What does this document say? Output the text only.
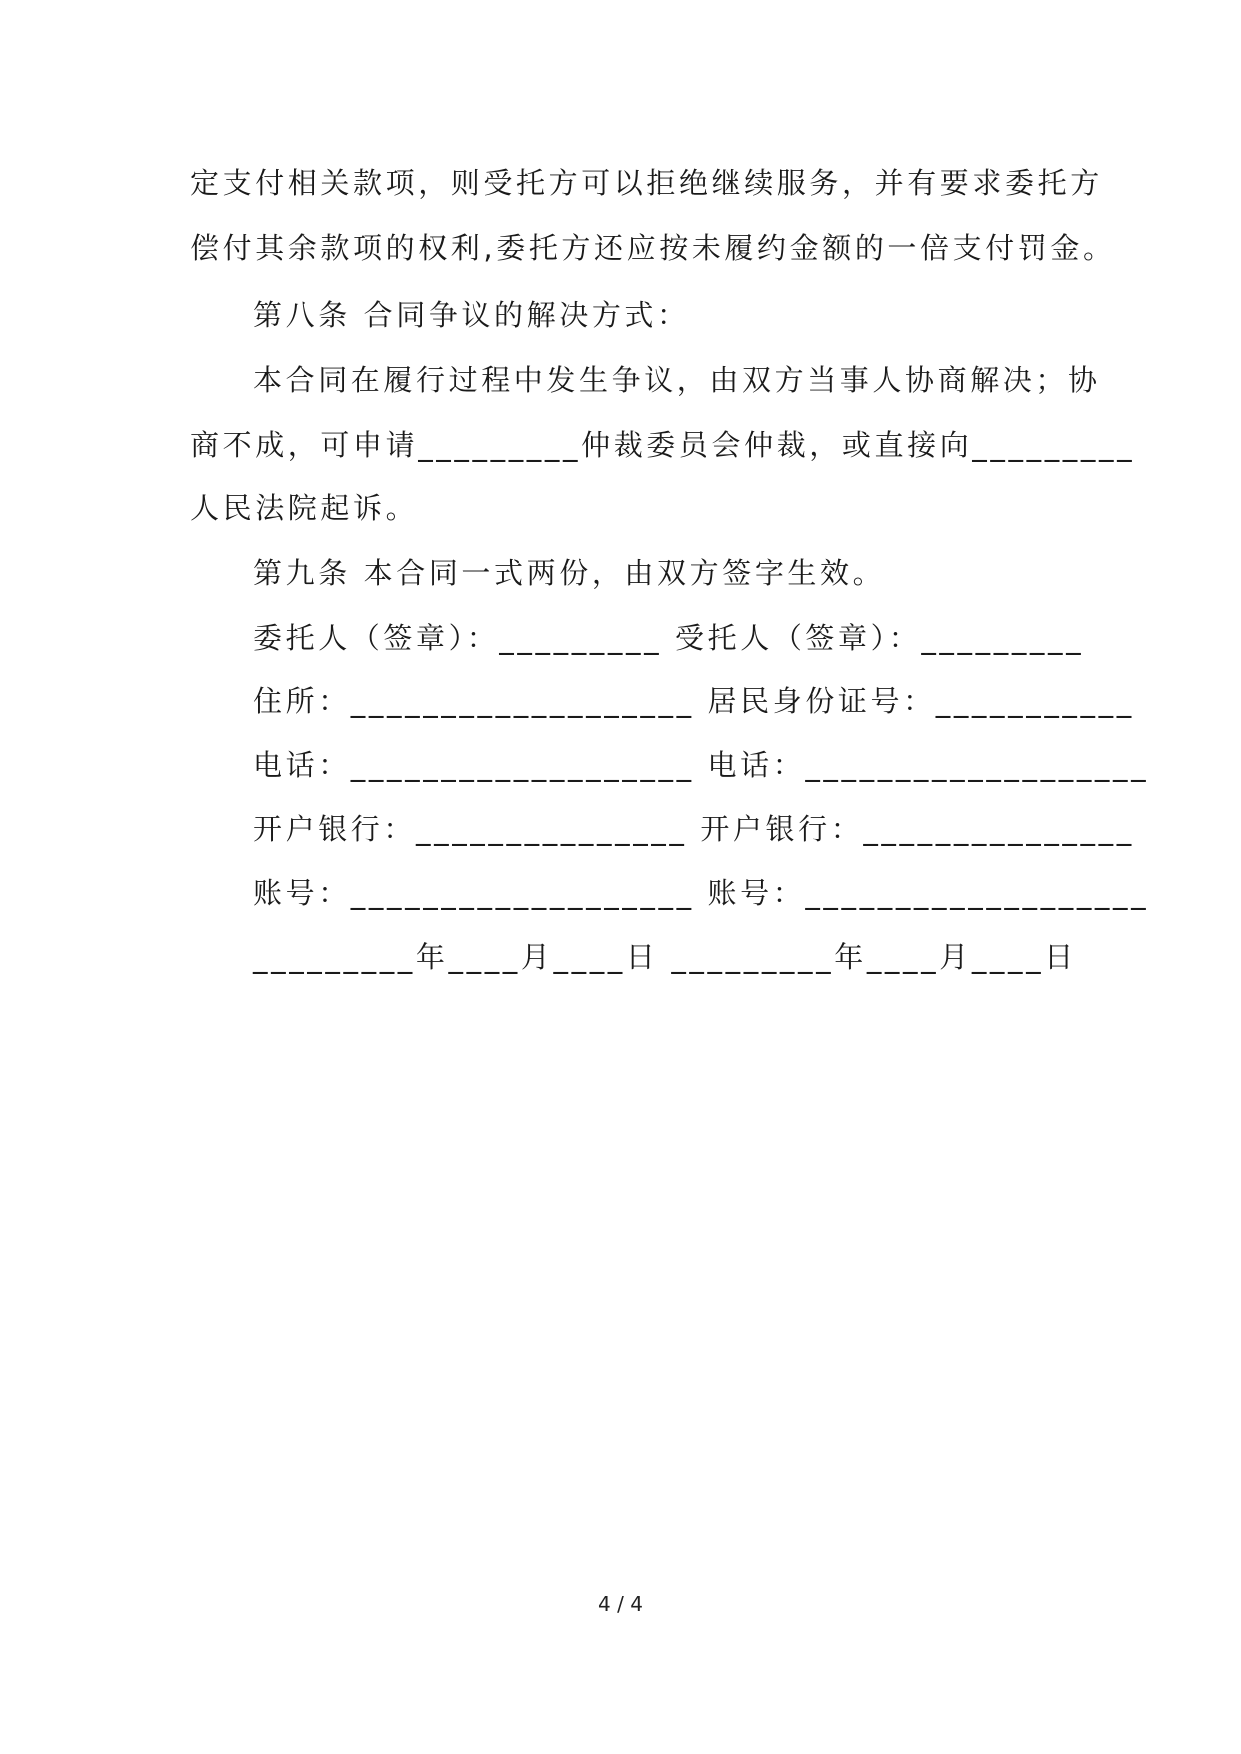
定支付相关款项，则受托方可以拒绝继续服务，并有要求委托方
偿付其余款项的权利,委托方还应按未履约金额的一倍支付罚金。
第八条 合同争议的解决方式：
本合同在履行过程中发生争议，由双方当事人协商解决；协
商不成，可申请_________仲裁委员会仲裁，或直接向_________
人民法院起诉。
第九条 本合同一式两份，由双方签字生效。
委托人（签章）：_________ 受托人（签章）：_________
住所：___________________ 居民身份证号：___________
电话：___________________ 电话：___________________
开户银行：_______________ 开户银行：_______________
账号：___________________ 账号：___________________
_________年____月____日 _________年____月____日
4 / 4
